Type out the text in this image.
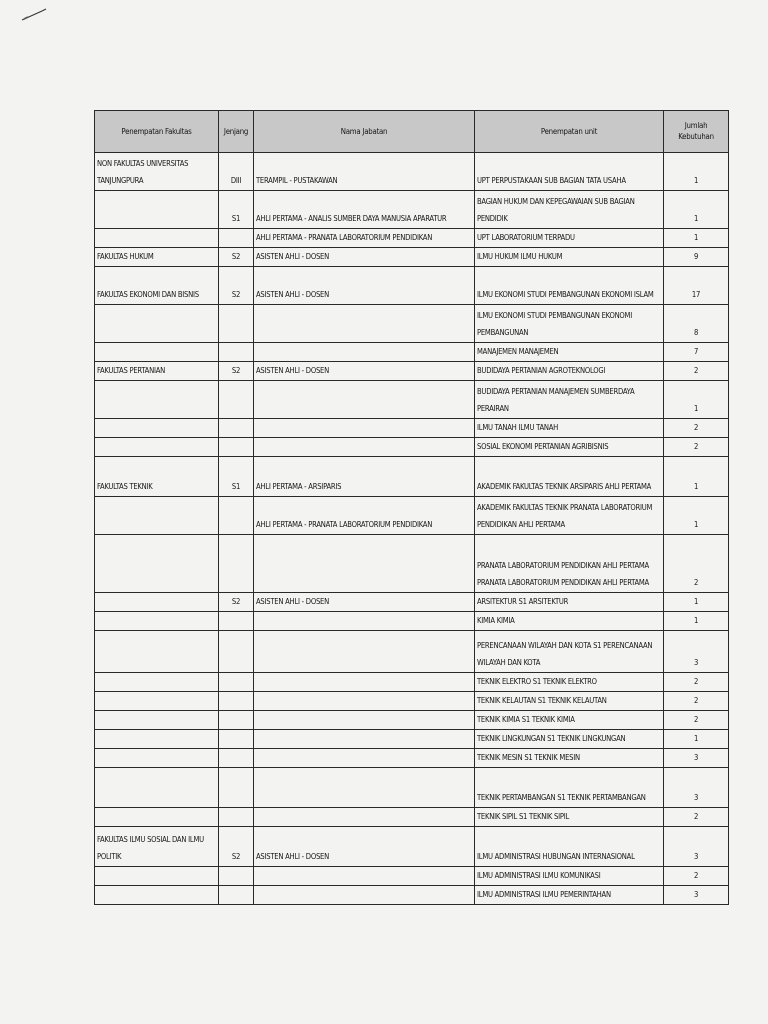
Penempatan Fakultas	Jenjang	Nama Jabatan	Penempatan unit	Jumlah Kebutuhan
NON FAKULTAS UNIVERSITAS TANJUNGPURA	DIII	TERAMPIL - PUSTAKAWAN	UPT PERPUSTAKAAN SUB BAGIAN TATA USAHA	1
	S1	AHLI PERTAMA - ANALIS SUMBER DAYA MANUSIA APARATUR	BAGIAN HUKUM DAN KEPEGAWAIAN SUB BAGIAN PENDIDIK	1
		AHLI PERTAMA - PRANATA LABORATORIUM PENDIDIKAN	UPT LABORATORIUM TERPADU	1
FAKULTAS HUKUM	S2	ASISTEN AHLI - DOSEN	ILMU HUKUM ILMU HUKUM	9
FAKULTAS EKONOMI DAN BISNIS	S2	ASISTEN AHLI - DOSEN	ILMU EKONOMI STUDI PEMBANGUNAN EKONOMI ISLAM	17
			ILMU EKONOMI STUDI PEMBANGUNAN EKONOMI PEMBANGUNAN	8
			MANAJEMEN MANAJEMEN	7
FAKULTAS PERTANIAN	S2	ASISTEN AHLI - DOSEN	BUDIDAYA PERTANIAN AGROTEKNOLOGI	2
			BUDIDAYA PERTANIAN MANAJEMEN SUMBERDAYA PERAIRAN	1
			ILMU TANAH ILMU TANAH	2
			SOSIAL EKONOMI PERTANIAN AGRIBISNIS	2
FAKULTAS TEKNIK	S1	AHLI PERTAMA - ARSIPARIS	AKADEMIK FAKULTAS TEKNIK ARSIPARIS AHLI PERTAMA	1
		AHLI PERTAMA - PRANATA LABORATORIUM PENDIDIKAN	AKADEMIK FAKULTAS TEKNIK PRANATA LABORATORIUM PENDIDIKAN AHLI PERTAMA	1
			PRANATA LABORATORIUM PENDIDIKAN AHLI PERTAMA PRANATA LABORATORIUM PENDIDIKAN AHLI PERTAMA	2
	S2	ASISTEN AHLI - DOSEN	ARSITEKTUR S1 ARSITEKTUR	1
			KIMIA KIMIA	1
			PERENCANAAN WILAYAH DAN KOTA S1 PERENCANAAN WILAYAH DAN KOTA	3
			TEKNIK ELEKTRO S1 TEKNIK ELEKTRO	2
			TEKNIK KELAUTAN S1 TEKNIK KELAUTAN	2
			TEKNIK KIMIA S1 TEKNIK KIMIA	2
			TEKNIK LINGKUNGAN S1 TEKNIK LINGKUNGAN	1
			TEKNIK MESIN S1 TEKNIK MESIN	3
			TEKNIK PERTAMBANGAN S1 TEKNIK PERTAMBANGAN	3
			TEKNIK SIPIL S1 TEKNIK SIPIL	2
FAKULTAS ILMU SOSIAL DAN ILMU POLITIK	S2	ASISTEN AHLI - DOSEN	ILMU ADMINISTRASI HUBUNGAN INTERNASIONAL	3
			ILMU ADMINISTRASI ILMU KOMUNIKASI	2
			ILMU ADMINISTRASI ILMU PEMERINTAHAN	3
